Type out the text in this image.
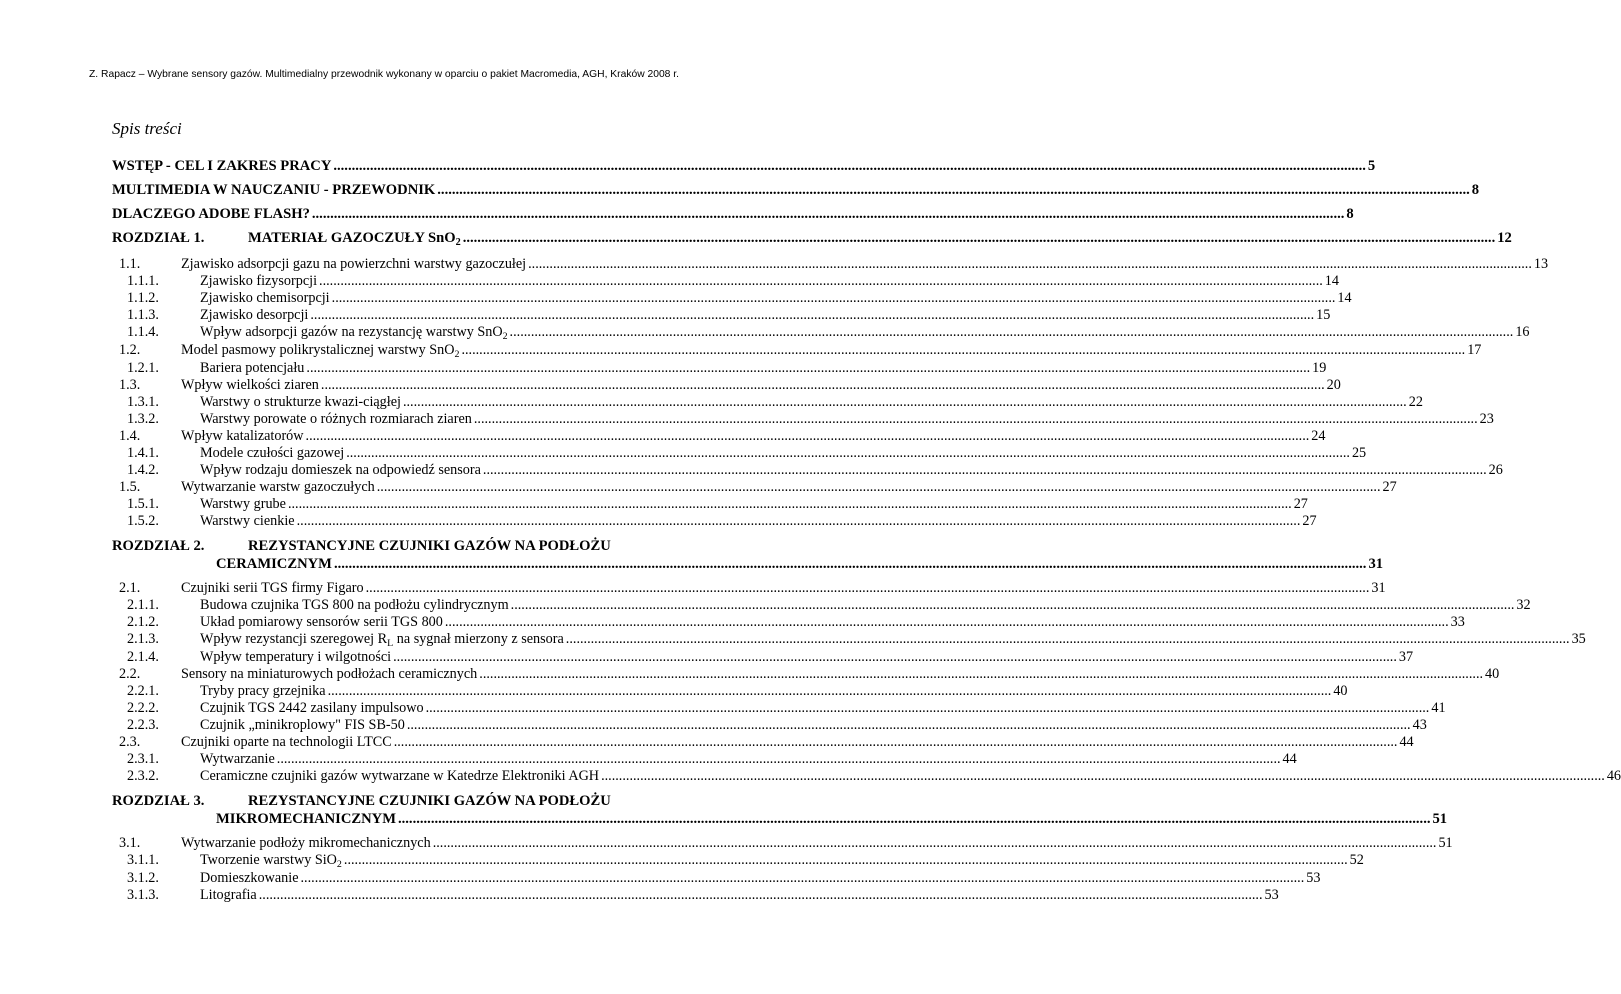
Z. Rapacz – Wybrane sensory gazów. Multimedialny przewodnik wykonany w oparciu o pakiet Macromedia, AGH, Kraków 2008 r.
Spis treści
WSTĘP - CEL I ZAKRES PRACY .....	5
MULTIMEDIA W NAUCZANIU - PRZEWODNIK .....	8
DLACZEGO ADOBE FLASH? .....	8
ROZDZIAŁ 1.	MATERIAŁ GAZOCZUŁY SnO$_2$ .....	12
1.1.	Zjawisko adsorpcji gazu na powierzchni warstwy gazoczułej .....	13
1.1.1.	Zjawisko fizysorpcji .....	14
1.1.2.	Zjawisko chemisorpcji .....	14
1.1.3.	Zjawisko desorpcji .....	15
1.1.4.	Wpływ adsorpcji gazów na rezystancję warstwy SnO$_2$ .....	16
1.2.	Model pasmowy polikrystalicznej warstwy SnO$_2$ .....	17
1.2.1.	Bariera potencjału .....	19
1.3.	Wpływ wielkości ziaren .....	20
1.3.1.	Warstwy o strukturze kwazi-ciągłej .....	22
1.3.2.	Warstwy porowate o różnych rozmiarach ziaren .....	23
1.4.	Wpływ katalizatorów .....	24
1.4.1.	Modele czułości gazowej .....	25
1.4.2.	Wpływ rodzaju domieszek na odpowiedź sensora .....	26
1.5.	Wytwarzanie warstw gazoczułych .....	27
1.5.1.	Warstwy grube .....	27
1.5.2.	Warstwy cienkie .....	27
ROZDZIAŁ 2.	REZYSTANCYJNE CZUJNIKI GAZÓW NA PODŁOŻU
CERAMICZNYM .....	31
2.1.	Czujniki serii TGS firmy Figaro .....	31
2.1.1.	Budowa czujnika TGS 800 na podłożu cylindrycznym .....	32
2.1.2.	Układ pomiarowy sensorów serii TGS 800 .....	33
2.1.3.	Wpływ rezystancji szeregowej $R_L$ na sygnał mierzony z sensora .....	35
2.1.4.	Wpływ temperatury i wilgotności .....	37
2.2.	Sensory na miniaturowych podłożach ceramicznych .....	40
2.2.1.	Tryby pracy grzejnika .....	40
2.2.2.	Czujnik TGS 2442 zasilany impulsowo .....	41
2.2.3.	Czujnik „minikroplowy" FIS SB-50 .....	43
2.3.	Czujniki oparte na technologii LTCC .....	44
2.3.1.	Wytwarzanie .....	44
2.3.2.	Ceramiczne czujniki gazów wytwarzane w Katedrze Elektroniki AGH .....	46
ROZDZIAŁ 3.	REZYSTANCYJNE CZUJNIKI GAZÓW NA PODŁOŻU
MIKROMECHANICZNYM .....	51
3.1.	Wytwarzanie podłoży mikromechanicznych .....	51
3.1.1.	Tworzenie warstwy SiO$_2$ .....	52
3.1.2.	Domieszkowanie .....	53
3.1.3.	Litografia .....	53
